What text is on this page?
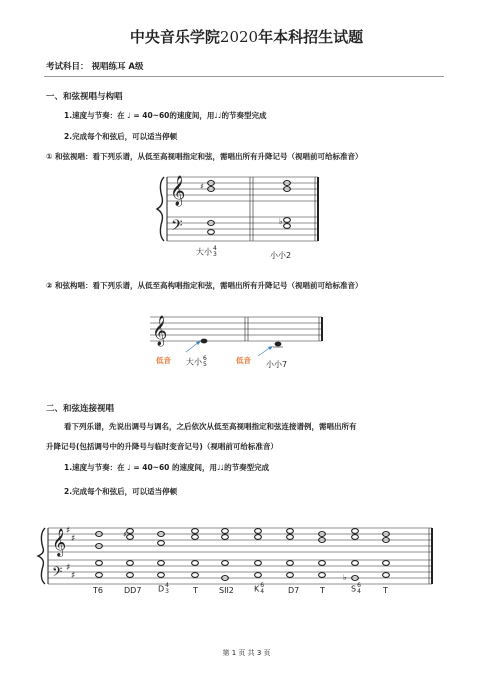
中央音乐学院2020年本科招生试题
考试科目： 视唱练耳 A级
一、和弦视唱与构唱
1.速度与节奏：在 ♩ = 40~60的速度间，用♩♩的节奏型完成
2.完成每个和弦后，可以适当停顿
① 和弦视唱：看下列乐谱，从低至高视唱指定和弦，需唱出所有升降记号（视唱前可给标准音）
大小4
3	小小2
② 和弦构唱：看下列乐谱，从低至高构唱指定和弦，需唱出所有升降记号（视唱前可给标准音）
低音	低音
大小6
5	小小7
二、和弦连接视唱
看下列乐谱，先说出调号与调名，之后依次从低至高视唱指定和弦连接谱例，需唱出所有
升降记号(包括调号中的升降号与临时变音记号)（视唱前可给标准音）
1.速度与节奏：在 ♩ = 40~60 的速度间，用♩♩的节奏型完成
2.完成每个和弦后，可以适当停顿
T6	DD7 D4
3	T	SII2	K6
4	D7	T	S6
4	T
第 1 页 共 3 页
𝄞
𝄢
𝄞
𝄞
𝄢
♯
♯
♯
♯
♯
♭
♭
♯
